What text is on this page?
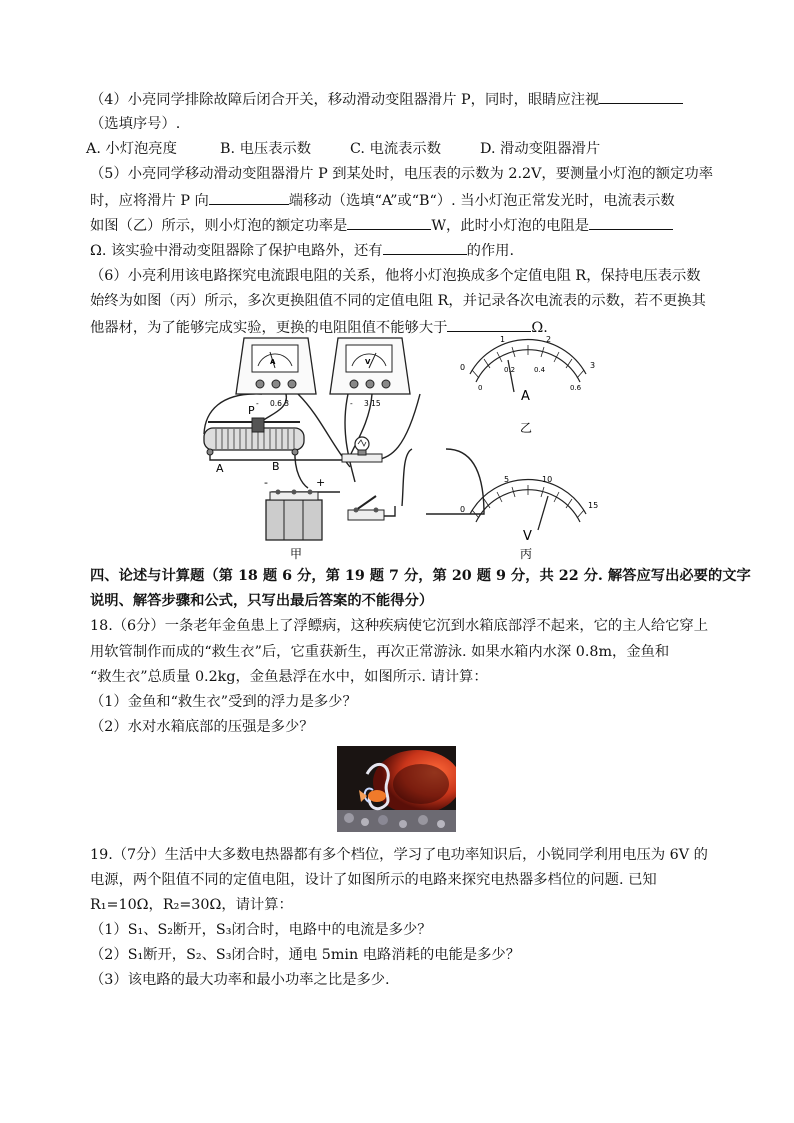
（4）小亮同学排除故障后闭合开关，移动滑动变阻器滑片 P，同时，眼睛应注视
（选填序号）.
A. 小灯泡亮度	B. 电压表示数	C. 电流表示数	D. 滑动变阻器滑片
（5）小亮同学移动滑动变阻器滑片 P 到某处时，电压表的示数为 2.2V，要测量小灯泡的额定功率
时，应将滑片 P 向	端移动（选填“A”或“B“）. 当小灯泡正常发光时，电流表示数
如图（乙）所示，则小灯泡的额定功率是	W，此时小灯泡的电阻是
Ω. 该实验中滑动变阻器除了保护电路外，还有	的作用.
（6）小亮利用该电路探究电流跟电阻的关系，他将小灯泡换成多个定值电阻 R，保持电压表示数
始终为如图（丙）所示，多次更换阻值不同的定值电阻 R，并记录各次电流表的示数，若不更换其
他器材，为了能够完成实验，更换的电阻阻值不能够大于	Ω.
A
0.6 3
-
V
3 15
-
P
A	B
-	+
甲
0
1	2
3
0
0.2	0.4
0.6
A
乙
0
5	10
15
V
丙
四、论述与计算题（第 18 题 6 分，第 19 题 7 分，第 20 题 9 分，共 22 分. 解答应写出必要的文字
说明、解答步骤和公式，只写出最后答案的不能得分）
18.（6分）一条老年金鱼患上了浮鳔病，这种疾病使它沉到水箱底部浮不起来，它的主人给它穿上
用软管制作而成的“救生衣”后，它重获新生，再次正常游泳. 如果水箱内水深 0.8m，金鱼和
“救生衣”总质量 0.2kg，金鱼悬浮在水中，如图所示. 请计算：
（1）金鱼和“救生衣”受到的浮力是多少？
（2）水对水箱底部的压强是多少？
19.（7分）生活中大多数电热器都有多个档位，学习了电功率知识后，小锐同学利用电压为 6V 的
电源，两个阻值不同的定值电阻，设计了如图所示的电路来探究电热器多档位的问题. 已知
R₁=10Ω，R₂=30Ω，请计算：
（1）S₁、S₂断开，S₃闭合时，电路中的电流是多少？
（2）S₁断开，S₂、S₃闭合时，通电 5min 电路消耗的电能是多少？
（3）该电路的最大功率和最小功率之比是多少.
